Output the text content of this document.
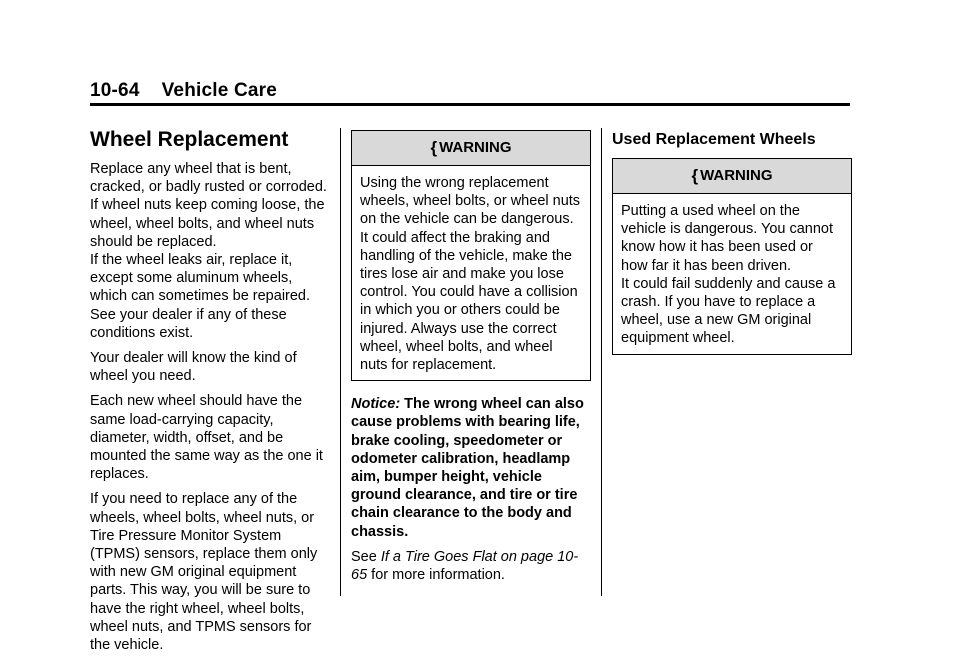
10-64 Vehicle Care
Wheel Replacement

Replace any wheel that is bent, cracked, or badly rusted or corroded. If wheel nuts keep coming loose, the wheel, wheel bolts, and wheel nuts should be replaced.

If the wheel leaks air, replace it, except some aluminum wheels, which can sometimes be repaired. See your dealer if any of these conditions exist.

Your dealer will know the kind of wheel you need.

Each new wheel should have the same load-carrying capacity, diameter, width, offset, and be mounted the same way as the one it replaces.

If you need to replace any of the wheels, wheel bolts, wheel nuts, or Tire Pressure Monitor System (TPMS) sensors, replace them only with new GM original equipment parts. This way, you will be sure to have the right wheel, wheel bolts, wheel nuts, and TPMS sensors for the vehicle.

{ WARNING

Using the wrong replacement wheels, wheel bolts, or wheel nuts on the vehicle can be dangerous. It could affect the braking and handling of the vehicle, make the tires lose air and make you lose control. You could have a collision in which you or others could be injured. Always use the correct wheel, wheel bolts, and wheel nuts for replacement.

Notice: The wrong wheel can also cause problems with bearing life, brake cooling, speedometer or odometer calibration, headlamp aim, bumper height, vehicle ground clearance, and tire or tire chain clearance to the body and chassis.

See If a Tire Goes Flat on page 10-65 for more information.

Used Replacement Wheels
{ WARNING

Putting a used wheel on the vehicle is dangerous. You cannot know how it has been used or how far it has been driven.

It could fail suddenly and cause a crash. If you have to replace a wheel, use a new GM original equipment wheel.
